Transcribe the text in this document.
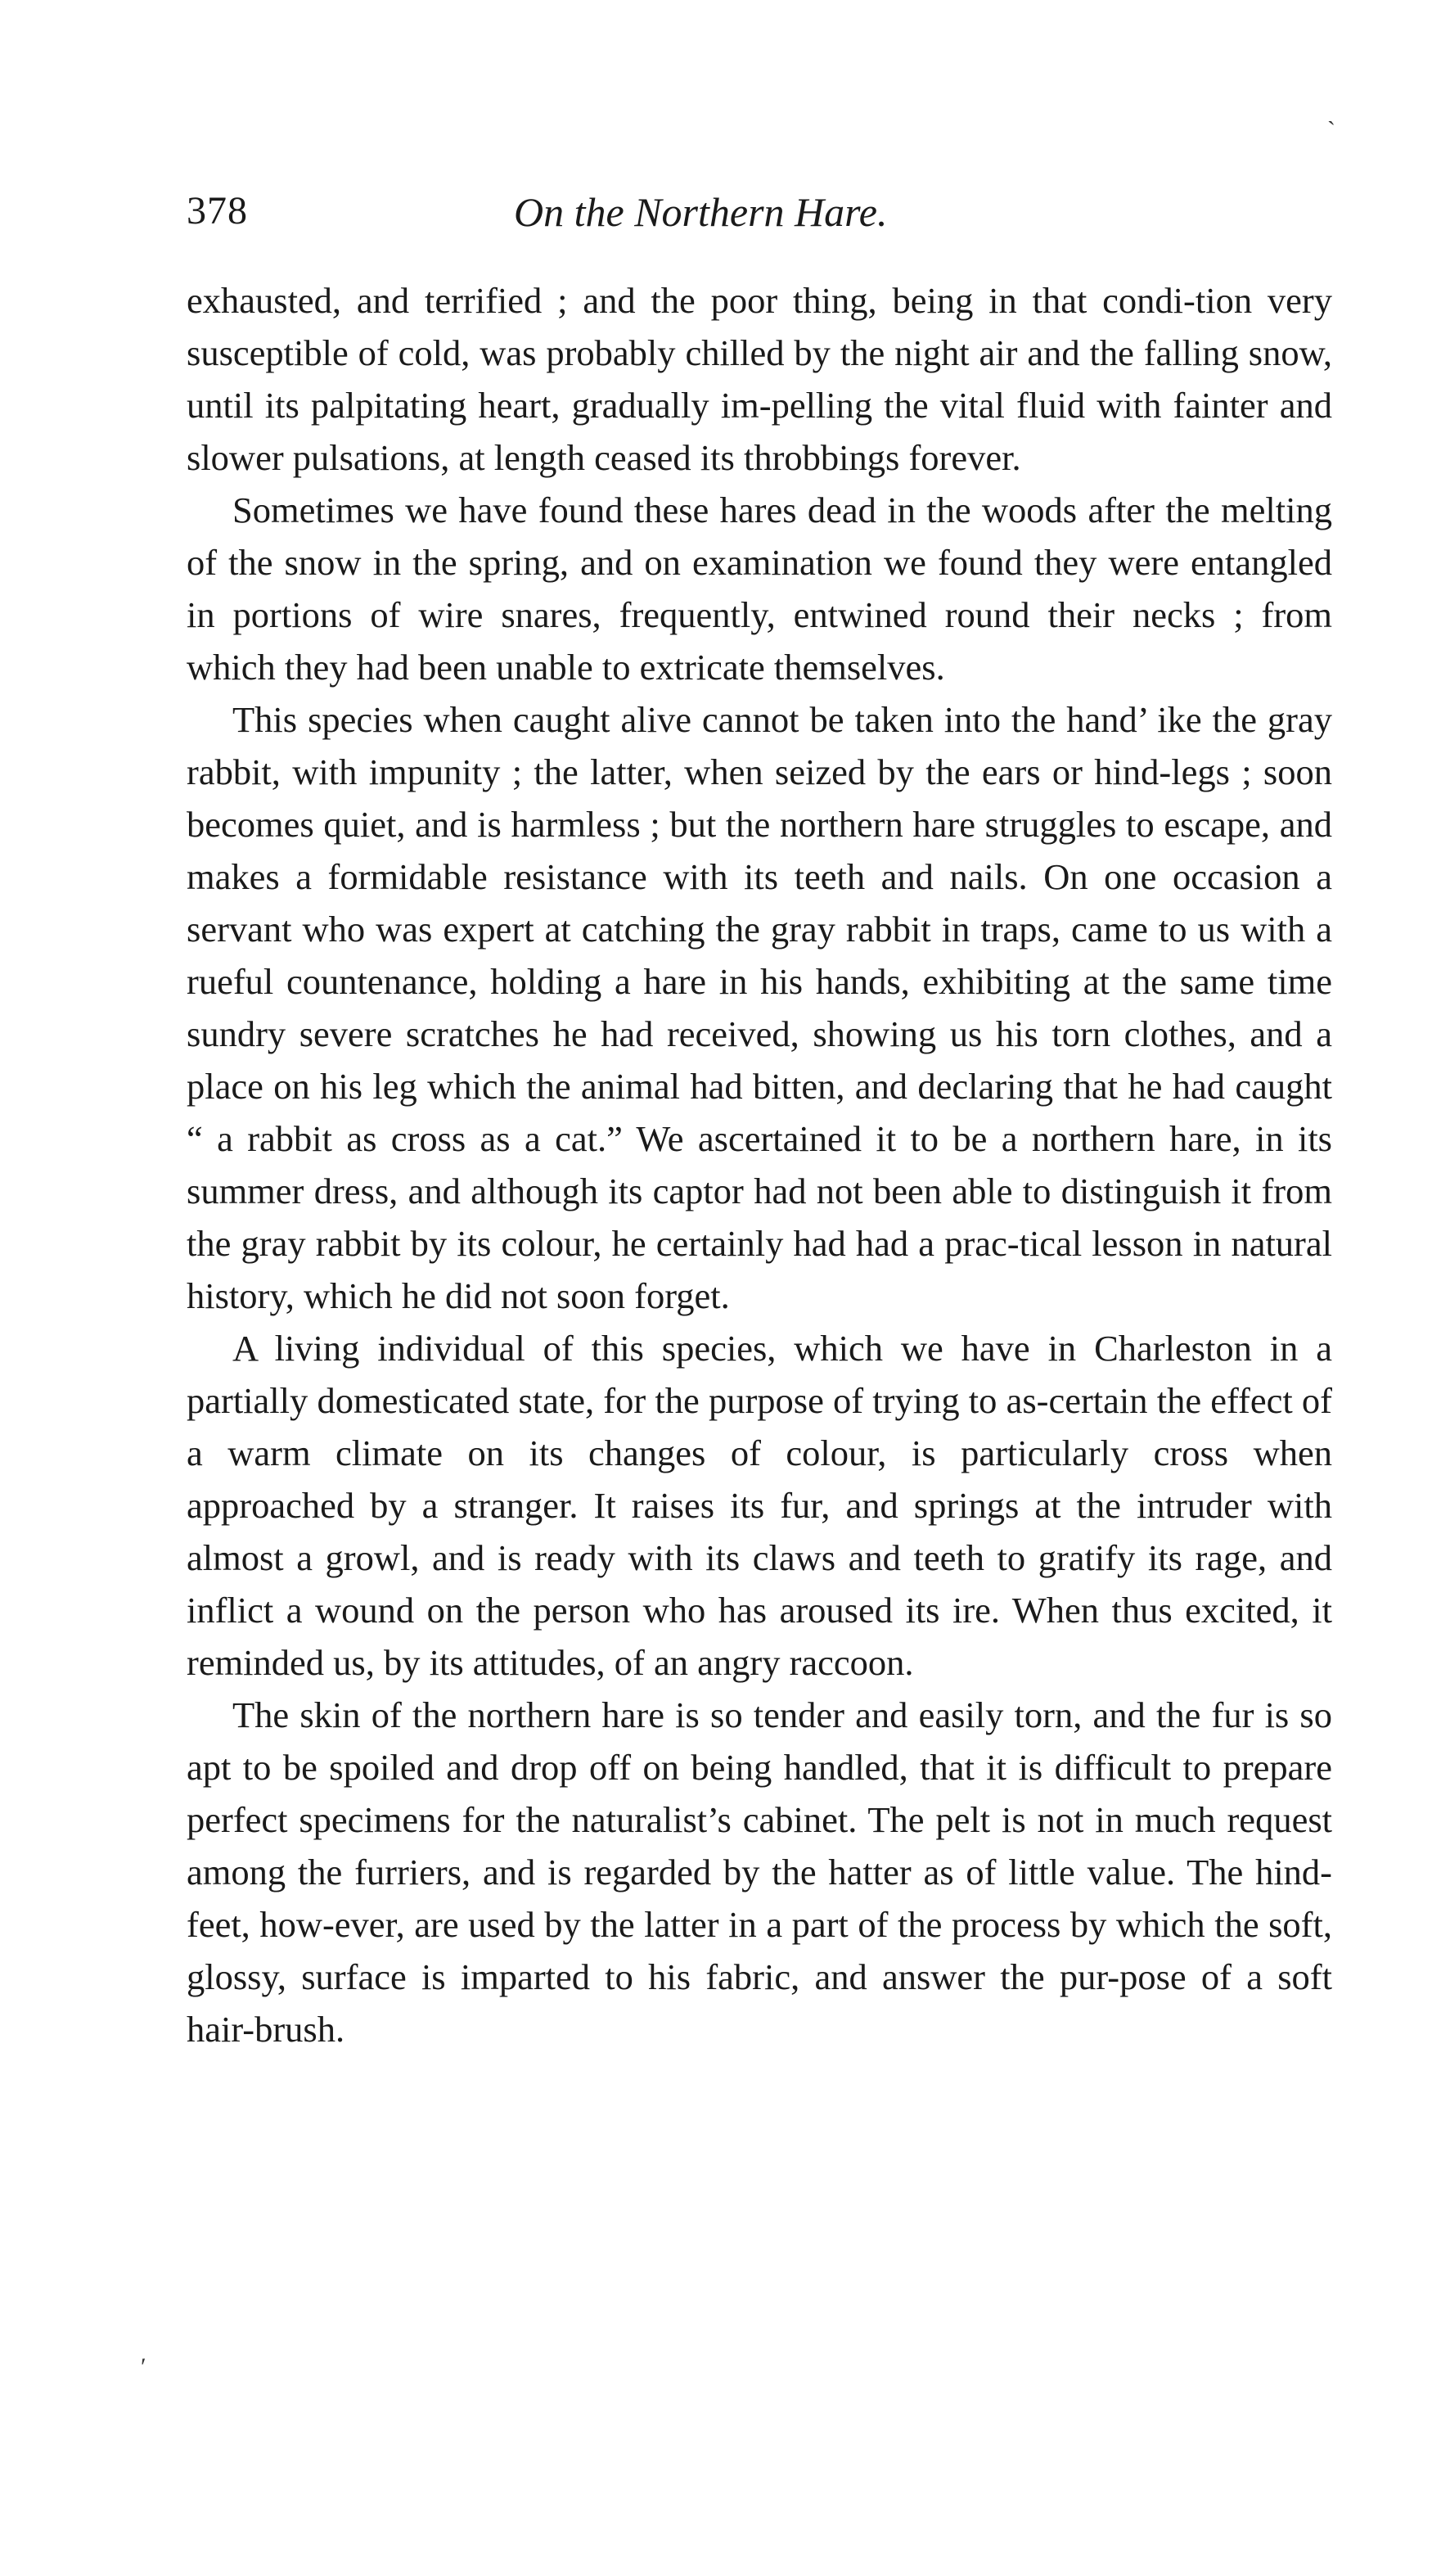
ˎ
378	On the Northern Hare.

exhausted, and terrified ; and the poor thing, being in that condi-tion very susceptible of cold, was probably chilled by the night air and the falling snow, until its palpitating heart, gradually im-pelling the vital fluid with fainter and slower pulsations, at length ceased its throbbings forever.

Sometimes we have found these hares dead in the woods after the melting of the snow in the spring, and on examination we found they were entangled in portions of wire snares, frequently, entwined round their necks ; from which they had been unable to extricate themselves.

This species when caught alive cannot be taken into the hand’ ike the gray rabbit, with impunity ; the latter, when seized by the ears or hind-legs ; soon becomes quiet, and is harmless ; but the northern hare struggles to escape, and makes a formidable resistance with its teeth and nails. On one occasion a servant who was expert at catching the gray rabbit in traps, came to us with a rueful countenance, holding a hare in his hands, exhibiting at the same time sundry severe scratches he had received, showing us his torn clothes, and a place on his leg which the animal had bitten, and declaring that he had caught “ a rabbit as cross as a cat.” We ascertained it to be a northern hare, in its summer dress, and although its captor had not been able to distinguish it from the gray rabbit by its colour, he certainly had had a prac-tical lesson in natural history, which he did not soon forget.

A living individual of this species, which we have in Charleston in a partially domesticated state, for the purpose of trying to as-certain the effect of a warm climate on its changes of colour, is particularly cross when approached by a stranger. It raises its fur, and springs at the intruder with almost a growl, and is ready with its claws and teeth to gratify its rage, and inflict a wound on the person who has aroused its ire. When thus excited, it reminded us, by its attitudes, of an angry raccoon.

The skin of the northern hare is so tender and easily torn, and the fur is so apt to be spoiled and drop off on being handled, that it is difficult to prepare perfect specimens for the naturalist’s cabinet. The pelt is not in much request among the furriers, and is regarded by the hatter as of little value. The hind-feet, how-ever, are used by the latter in a part of the process by which the soft, glossy, surface is imparted to his fabric, and answer the pur-pose of a soft hair-brush.

′
